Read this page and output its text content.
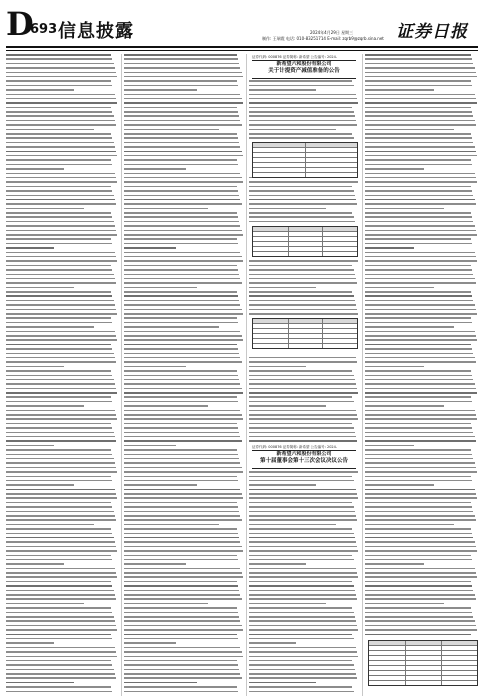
D
693 信息披露	2024年4月29日 星期三
制作: 王瑞霞 电话: 010-83251714 E-mail: zqrb9@zqrb.sina.net 证券日报
证券代码: 000876 证券简称: 新希望 公告编号: 2024-
新希望六和股份有限公司
关于计提资产减值准备的公告
证券代码: 000876 证券简称: 新希望 公告编号: 2024-
新希望六和股份有限公司
第十届董事会第十三次会议决议公告
